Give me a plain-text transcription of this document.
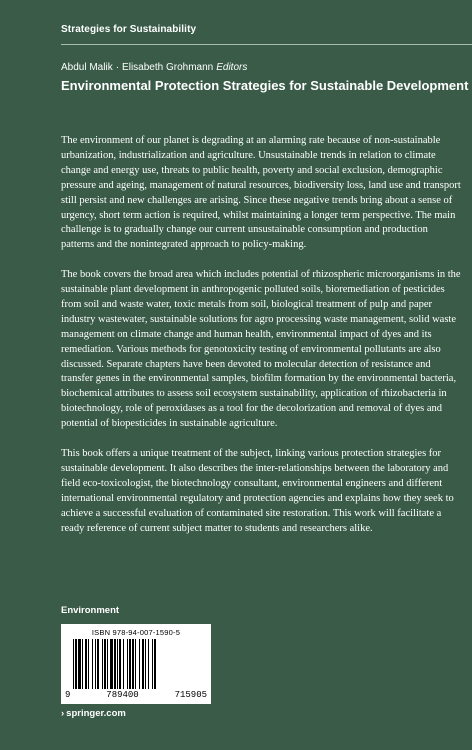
Strategies for Sustainability
Abdul Malik · Elisabeth Grohmann Editors
Environmental Protection Strategies for Sustainable Development

The environment of our planet is degrading at an alarming rate because of non-sustainable urbanization, industrialization and agriculture. Unsustainable trends in relation to climate change and energy use, threats to public health, poverty and social exclusion, demographic pressure and ageing, management of natural resources, biodiversity loss, land use and transport still persist and new challenges are arising. Since these negative trends bring about a sense of urgency, short term action is required, whilst maintaining a longer term perspective. The main challenge is to gradually change our current unsustainable consumption and production patterns and the nonintegrated approach to policy-making.

The book covers the broad area which includes potential of rhizospheric microorganisms in the sustainable plant development in anthropogenic polluted soils, bioremediation of pesticides from soil and waste water, toxic metals from soil, biological treatment of pulp and paper industry wastewater, sustainable solutions for agro processing waste management, solid waste management on climate change and human health, environmental impact of dyes and its remediation. Various methods for genotoxicity testing of environmental pollutants are also discussed. Separate chapters have been devoted to molecular detection of resistance and transfer genes in the environmental samples, biofilm formation by the environmental bacteria, biochemical attributes to assess soil ecosystem sustainability, application of rhizobacteria in biotechnology, role of peroxidases as a tool for the decolorization and removal of dyes and potential of biopesticides in sustainable agriculture.

This book offers a unique treatment of the subject, linking various protection strategies for sustainable development. It also describes the inter-relationships between the laboratory and field eco-toxicologist, the biotechnology consultant, environmental engineers and different international environmental regulatory and protection agencies and explains how they seek to achieve a successful evaluation of contaminated site restoration. This work will facilitate a ready reference of current subject matter to students and researchers alike.

Environment
ISBN 978-94-007-1590-5
9	789400	715905
› springer.com
